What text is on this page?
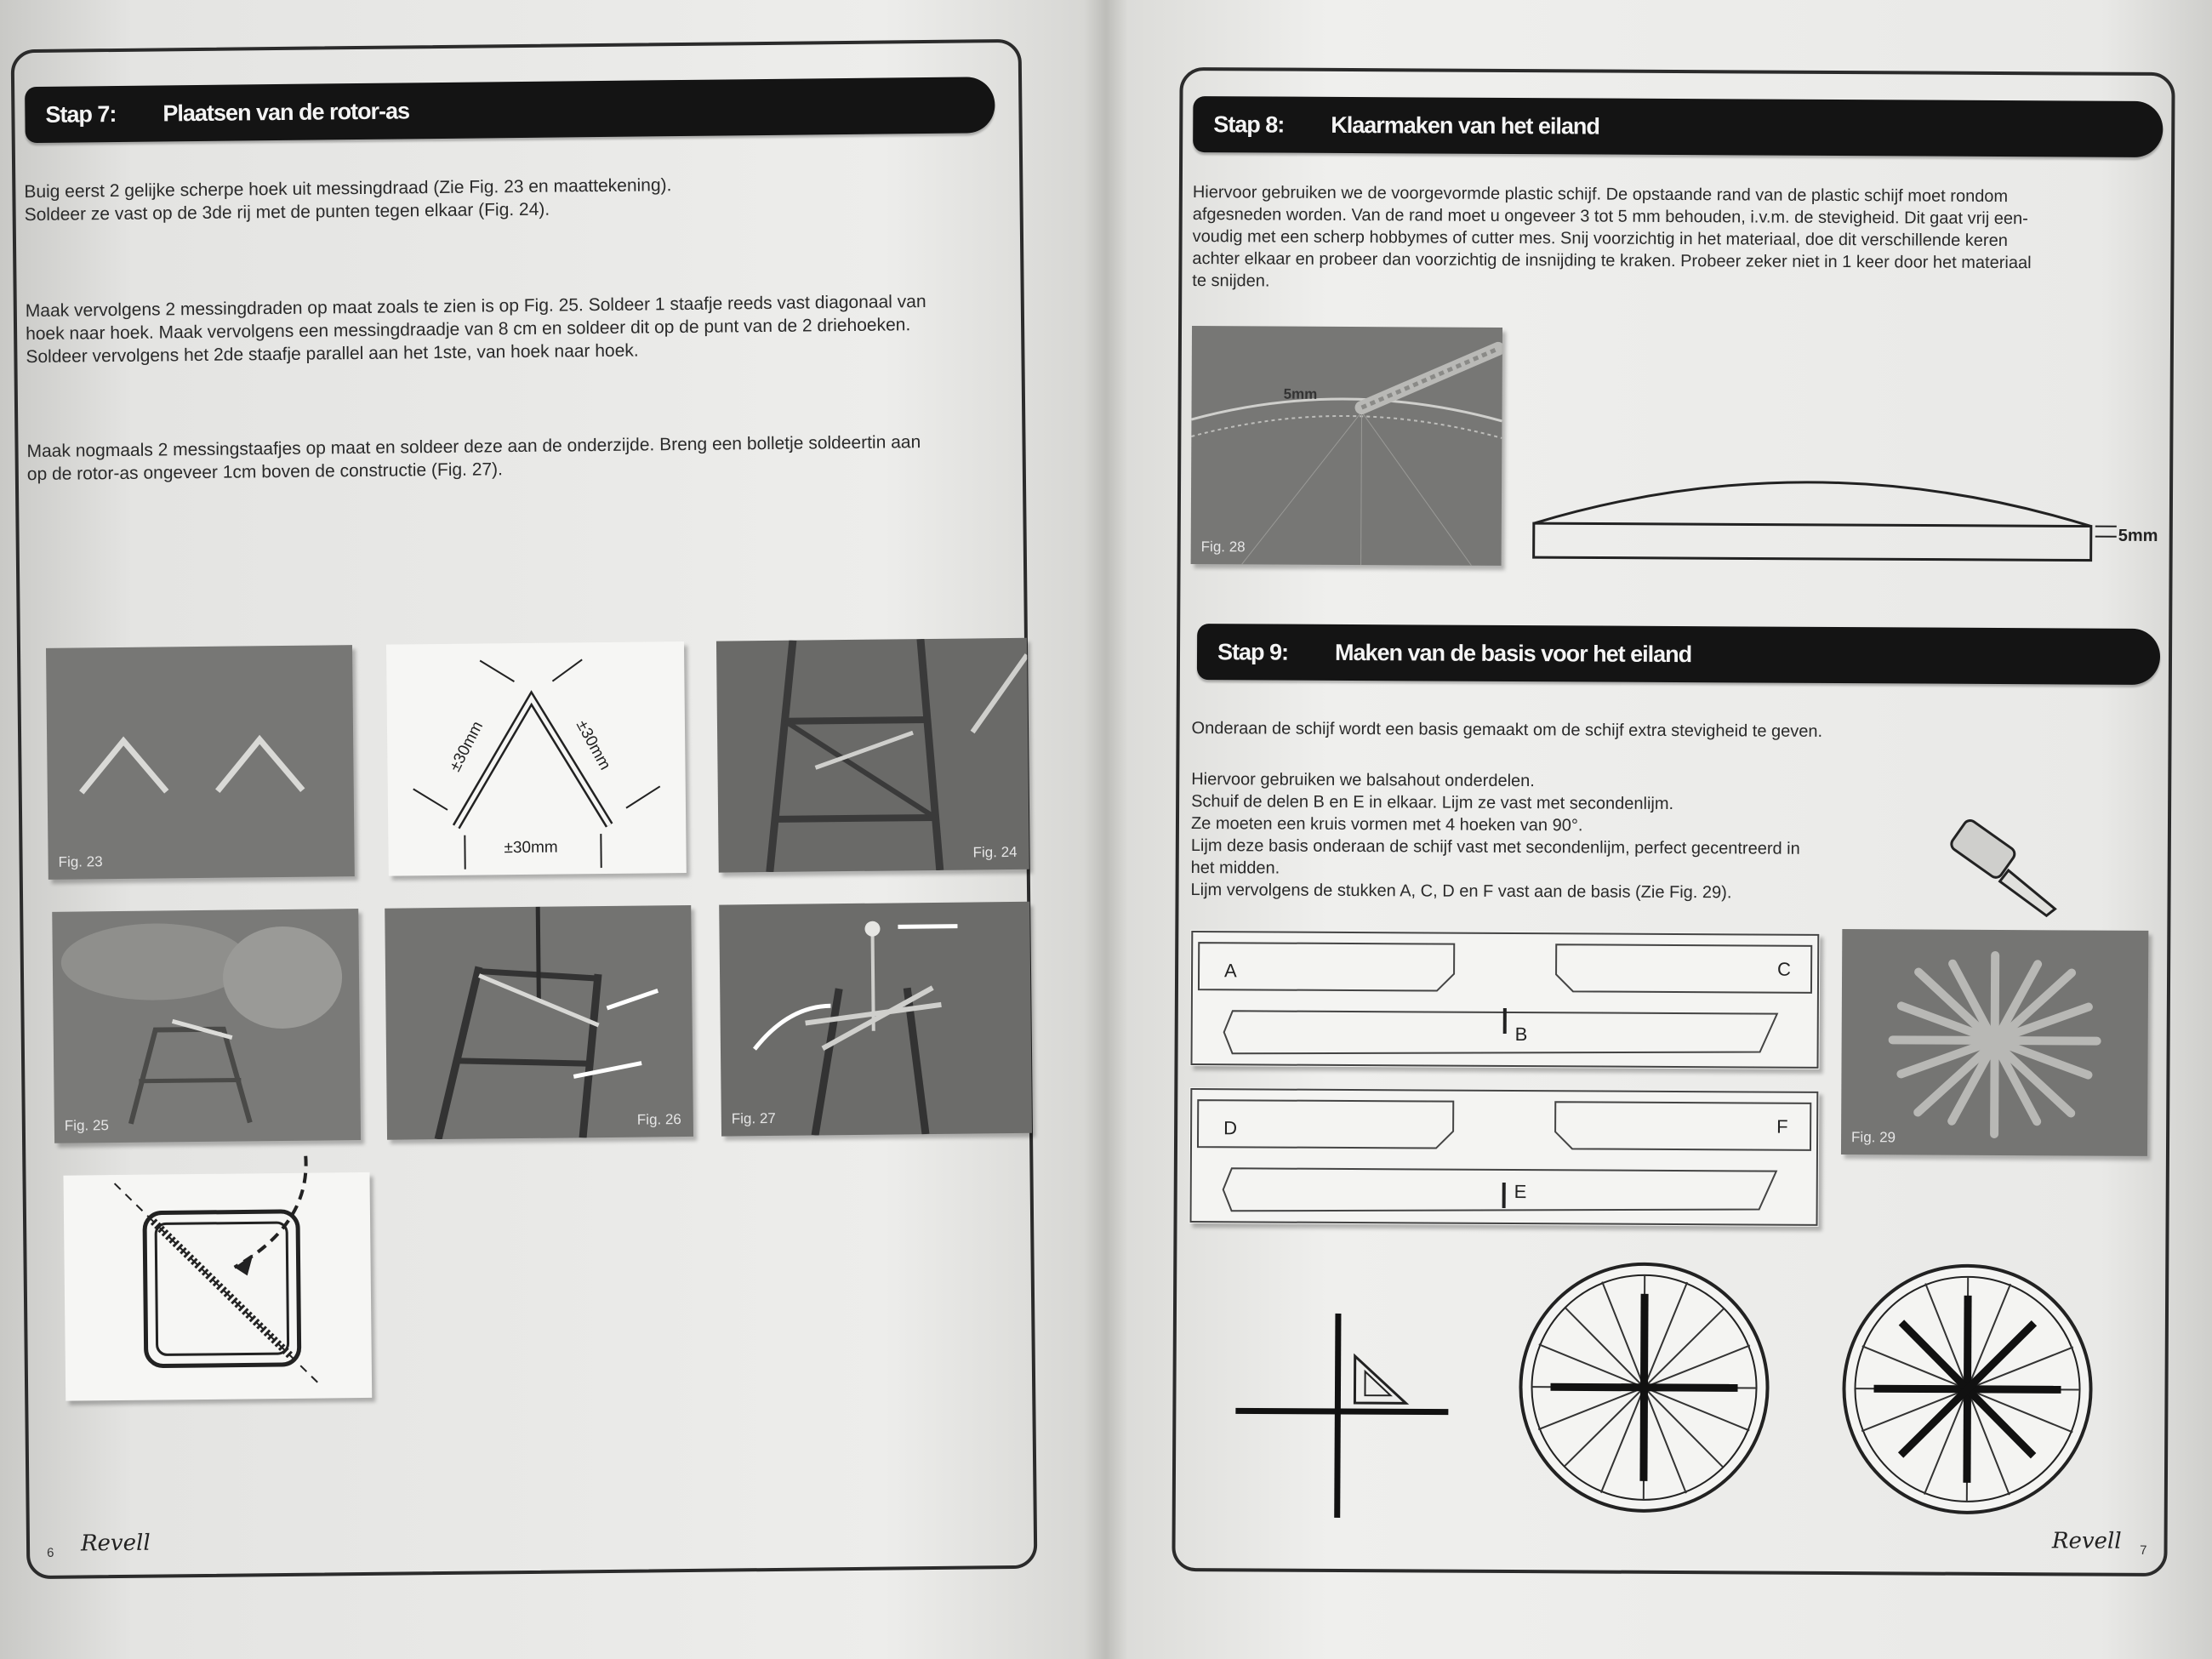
Stap 7:	Plaatsen van de rotor-as

Buig eerst 2 gelijke scherpe hoek uit messingdraad (Zie Fig. 23 en maattekening).

Soldeer ze vast op de 3de rij met de punten tegen elkaar (Fig. 24).

Maak vervolgens 2 messingdraden op maat zoals te zien is op Fig. 25. Soldeer 1 staafje reeds vast diagonaal van

hoek naar hoek. Maak vervolgens een messingdraadje van 8 cm en soldeer dit op de punt van de 2 driehoeken.

Soldeer vervolgens het 2de staafje parallel aan het 1ste, van hoek naar hoek.

Maak nogmaals 2 messingstaafjes op maat en soldeer deze aan de onderzijde. Breng een bolletje soldeertin aan

op de rotor-as ongeveer 1cm boven de constructie (Fig. 27).

Fig. 23
±30mm	±30mm
±30mm	Fig. 24
Fig. 25	Fig. 26	Fig. 27
Revell
6
Stap 8:	Klaarmaken van het eiland

Hiervoor gebruiken we de voorgevormde plastic schijf. De opstaande rand van de plastic schijf moet rondom

afgesneden worden. Van de rand moet u ongeveer 3 tot 5 mm behouden, i.v.m. de stevigheid. Dit gaat vrij een-

voudig met een scherp hobbymes of cutter mes. Snij voorzichtig in het materiaal, doe dit verschillende keren

achter elkaar en probeer dan voorzichtig de insnijding te kraken. Probeer zeker niet in 1 keer door het materiaal

te snijden.

5mm
Fig. 28
5mm
Stap 9:	Maken van de basis voor het eiland

Onderaan de schijf wordt een basis gemaakt om de schijf extra stevigheid te geven.

Hiervoor gebruiken we balsahout onderdelen.

Schuif de delen B en E in elkaar. Lijm ze vast met secondenlijm.

Ze moeten een kruis vormen met 4 hoeken van 90°.

Lijm deze basis onderaan de schijf vast met secondenlijm, perfect gecentreerd in

het midden.

Lijm vervolgens de stukken A, C, D en F vast aan de basis (Zie Fig. 29).

A	C
B
D	F
E
Fig. 29
Revell 7
